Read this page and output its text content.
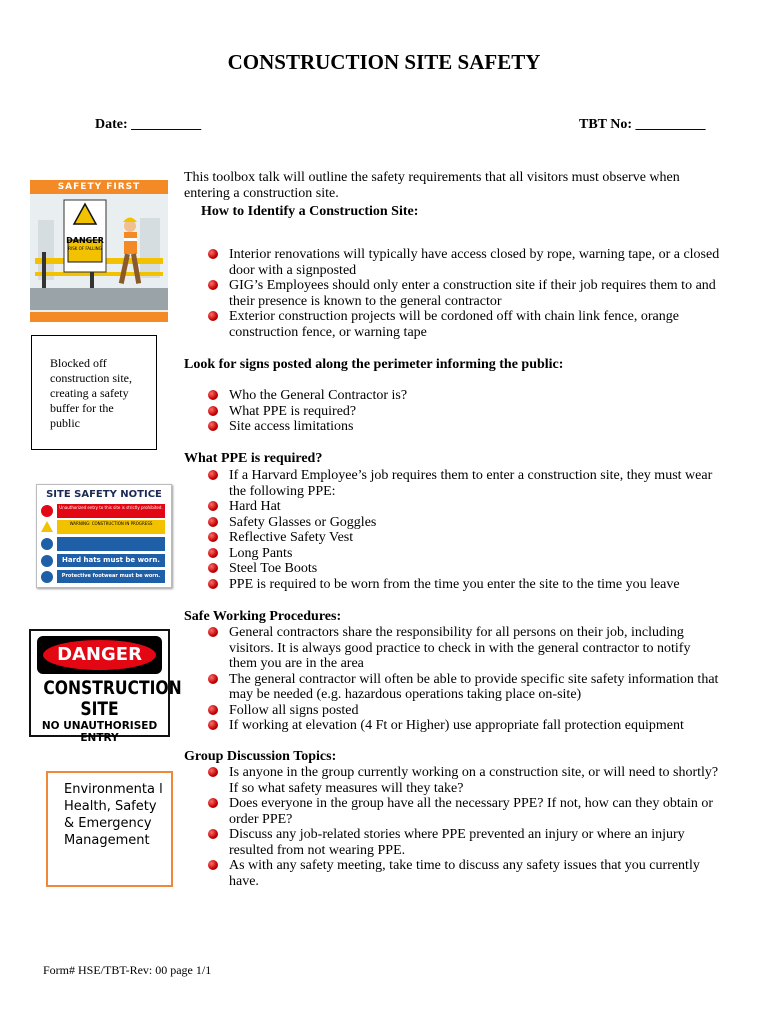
CONSTRUCTION SITE SAFETY
Date: __________	TBT No: __________
This toolbox talk will outline the safety requirements that all visitors must observe when entering a construction site.
How to Identify a Construction Site:
Interior renovations will typically have access closed by rope, warning tape, or a closed door with a signposted
GIG’s Employees should only enter a construction site if their job requires them to and their presence is known to the general contractor
Exterior construction projects will be cordoned off with chain link fence, orange construction fence, or warning tape
Look for signs posted along the perimeter informing the public:
Who the General Contractor is?
What PPE is required?
Site access limitations
What PPE is required?
If a Harvard Employee’s job requires them to enter a construction site, they must wear the following PPE:
Hard Hat
Safety Glasses or Goggles
Reflective Safety Vest
Long Pants
Steel Toe Boots
PPE is required to be worn from the time you enter the site to the time you leave
Safe Working Procedures:
General contractors share the responsibility for all persons on their job, including visitors. It is always good practice to check in with the general contractor to notify them you are in the area
The general contractor will often be able to provide specific site safety information that may be needed (e.g. hazardous operations taking place on-site)
Follow all signs posted
If working at elevation (4 Ft or Higher) use appropriate fall protection equipment
Group Discussion Topics:
Is anyone in the group currently working on a construction site, or will need to shortly? If so what safety measures will they take?
Does everyone in the group have all the necessary PPE? If not, how can they obtain or order PPE?
Discuss any job-related stories where PPE prevented an injury or where an injury resulted from not wearing PPE.
As with any safety meeting, take time to discuss any safety issues that you currently have.
SAFETY FIRST
DANGER
RISK OF FALLING
Blocked off construction site, creating a safety buffer for the public
SITE SAFETY NOTICE
Unauthorized entry to this site is strictly prohibited.
WARNING: CONSTRUCTION IN PROGRESS
Hard hats must be worn.
Protective footwear must be worn.
DANGER
CONSTRUCTION
SITE
NO UNAUTHORISED ENTRY
Environmenta l Health, Safety & Emergency Management
Form# HSE/TBT-Rev: 00 page 1/1
